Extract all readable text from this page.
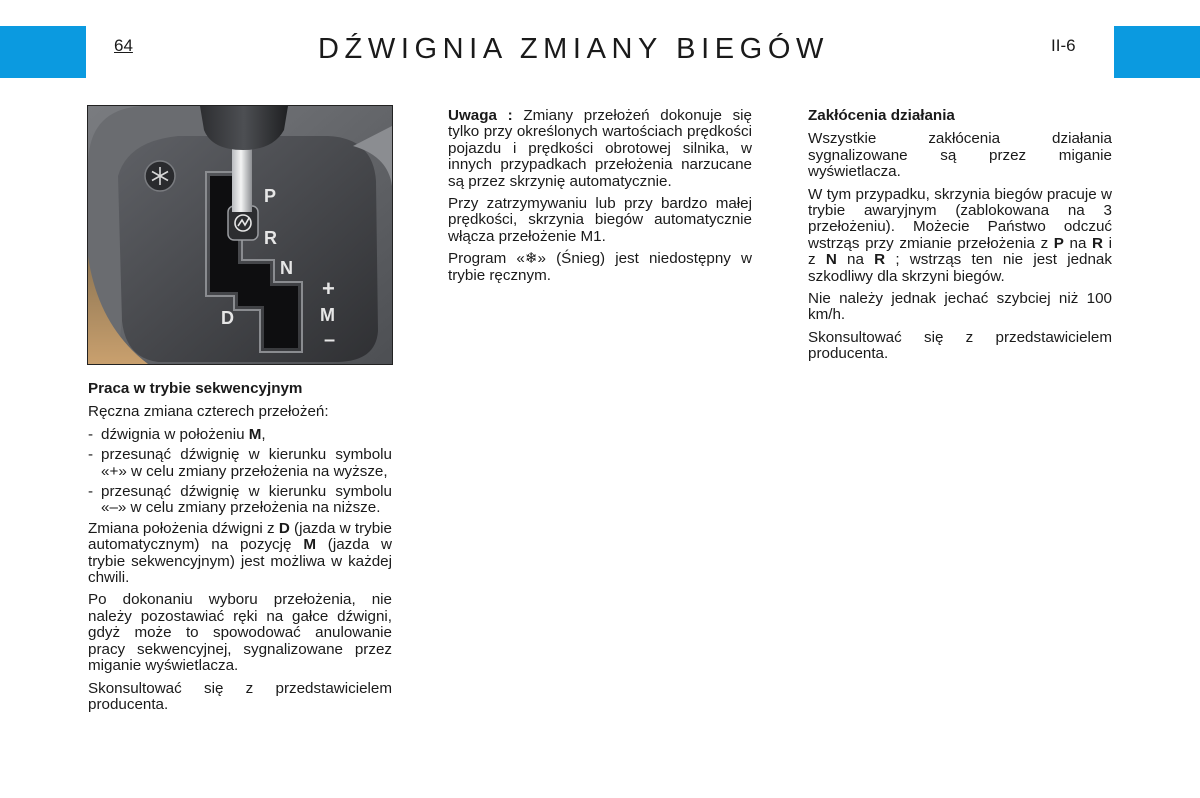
64	DŹWIGNIA ZMIANY BIEGÓW	II-6
P
R
N
D
+
M
–

Praca w trybie sekwencyjnym

Ręczna zmiana czterech przełożeń:

- dźwignia w położeniu M,
- przesunąć dźwignię w kierunku symbolu «+» w celu zmiany przełożenia na wyższe,
- przesunąć dźwignię w kierunku symbolu «–» w celu zmiany przełożenia na niższe.

Zmiana położenia dźwigni z D (jazda w trybie automatycznym) na pozycję M (jazda w trybie sekwencyjnym) jest możliwa w każdej chwili.

Po dokonaniu wyboru przełożenia, nie należy pozostawiać ręki na gałce dźwigni, gdyż może to spowodować anulowanie pracy sekwencyjnej, sygnalizowane przez miganie wyświetlacza.

Skonsultować się z przedstawicielem producenta.

Uwaga : Zmiany przełożeń dokonuje się tylko przy określonych wartościach prędkości pojazdu i prędkości obrotowej silnika, w innych przypadkach przełożenia narzucane są przez skrzynię automatycznie.

Przy zatrzymywaniu lub przy bardzo małej prędkości, skrzynia biegów automatycznie włącza przełożenie M1.

Program «❄» (Śnieg) jest niedostępny w trybie ręcznym.

Zakłócenia działania

Wszystkie zakłócenia działania sygnalizowane są przez miganie wyświetlacza.

W tym przypadku, skrzynia biegów pracuje w trybie awaryjnym (zablokowana na 3 przełożeniu). Możecie Państwo odczuć wstrząs przy zmianie przełożenia z P na R i z N na R ; wstrząs ten nie jest jednak szkodliwy dla skrzyni biegów.

Nie należy jednak jechać szybciej niż 100 km/h.

Skonsultować się z przedstawicielem producenta.
